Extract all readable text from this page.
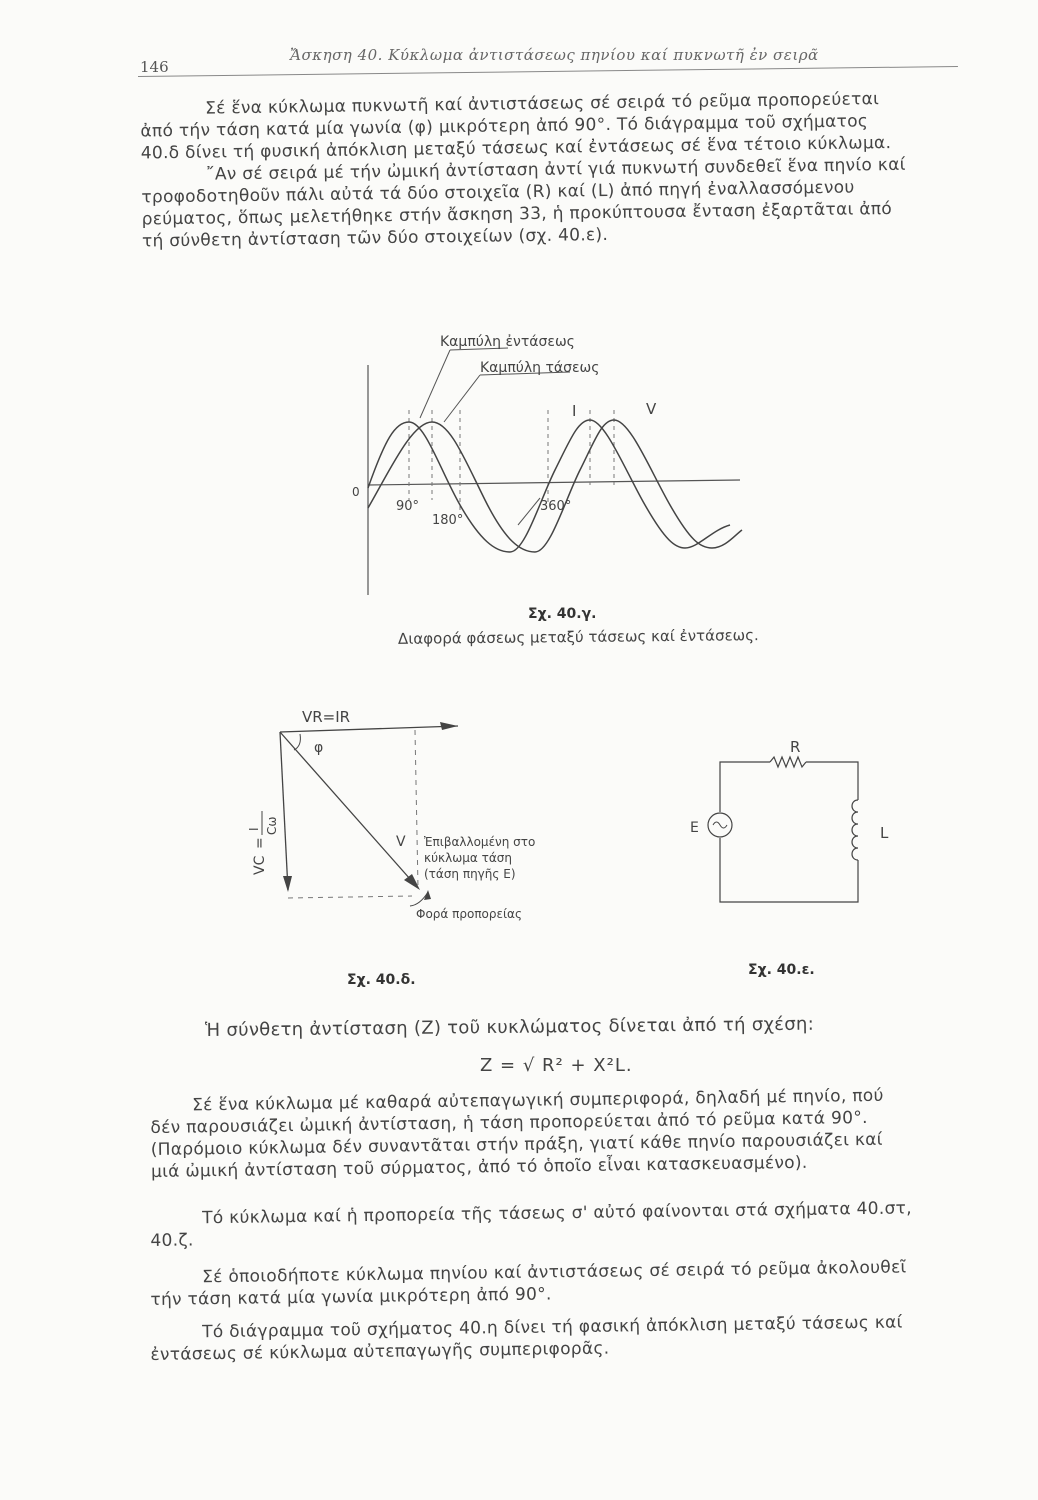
146
Ἄσκηση 40. Κύκλωμα ἀντιστάσεως πηνίου καί πυκνωτῆ ἐν σειρᾶ
Σέ ἕνα κύκλωμα πυκνωτῆ καί ἀντιστάσεως σέ σειρά τό ρεῦμα προπορεύεται
ἀπό τήν τάση κατά μία γωνία (φ) μικρότερη ἀπό 90°. Τό διάγραμμα τοῦ σχήματος
40.δ δίνει τή φυσική ἀπόκλιση μεταξύ τάσεως καί ἐντάσεως σέ ἕνα τέτοιο κύκλωμα.
῎Αν σέ σειρά μέ τήν ὠμική ἀντίσταση ἀντί γιά πυκνωτή συνδεθεῖ ἕνα πηνίο καί
τροφοδοτηθοῦν πάλι αὐτά τά δύο στοιχεῖα (R) καί (L) ἀπό πηγή ἐναλλασσόμενου
ρεύματος, ὅπως μελετήθηκε στήν ἄσκηση 33, ἡ προκύπτουσα ἔνταση ἐξαρτᾶται ἀπό
τή σύνθετη ἀντίσταση τῶν δύο στοιχείων (σχ. 40.ε).
Καμπύλη ἐντάσεως
Καμπύλη τάσεως
I	V
0
90°
180°
360°
Σχ. 40.γ.
Διαφορά φάσεως μεταξύ τάσεως καί ἐντάσεως.
VR=IR
φ
V Ἐπιβαλλομένη στο
κύκλωμα τάση
(τάση πηγῆς E)
Φορά προπορείας
VC
=
I Cω
Σχ. 40.δ.
R
E	L
Σχ. 40.ε.
Ἡ σύνθετη ἀντίσταση (Z) τοῦ κυκλώματος δίνεται ἀπό τή σχέση:
Z = √ R² + X²L.
Σέ ἕνα κύκλωμα μέ καθαρά αὐτεπαγωγική συμπεριφορά, δηλαδή μέ πηνίο, πού
δέν παρουσιάζει ὠμική ἀντίσταση, ἡ τάση προπορεύεται ἀπό τό ρεῦμα κατά 90°.
(Παρόμοιο κύκλωμα δέν συναντᾶται στήν πράξη, γιατί κάθε πηνίο παρουσιάζει καί
μιά ὠμική ἀντίσταση τοῦ σύρματος, ἀπό τό ὁποῖο εἶναι κατασκευασμένο).
Τό κύκλωμα καί ἡ προπορεία τῆς τάσεως σ' αὐτό φαίνονται στά σχήματα 40.στ,
40.ζ.
Σέ ὁποιοδήποτε κύκλωμα πηνίου καί ἀντιστάσεως σέ σειρά τό ρεῦμα ἀκολουθεῖ
τήν τάση κατά μία γωνία μικρότερη ἀπό 90°.
Τό διάγραμμα τοῦ σχήματος 40.η δίνει τή φασική ἀπόκλιση μεταξύ τάσεως καί
ἐντάσεως σέ κύκλωμα αὐτεπαγωγῆς συμπεριφορᾶς.
